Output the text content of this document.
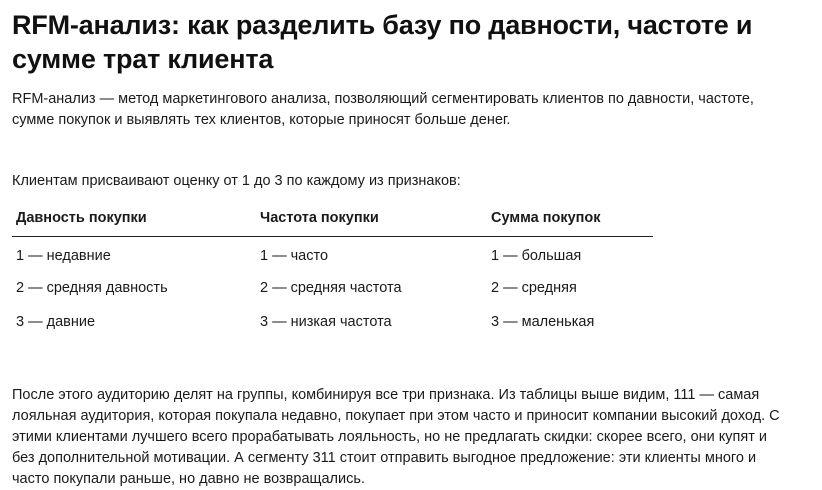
RFM-анализ: как разделить базу по давности, частоте и сумме трат клиента

RFM-анализ — метод маркетингового анализа, позволяющий сегментировать клиентов по давности, частоте, сумме покупок и выявлять тех клиентов, которые приносят больше денег.

Клиентам присваивают оценку от 1 до 3 по каждому из признаков:

Давность покупки	Частота покупки	Сумма покупок
1 — недавние	1 — часто	1 — большая
2 — средняя давность	2 — средняя частота	2 — средняя
3 — давние	3 — низкая частота	3 — маленькая

После этого аудиторию делят на группы, комбинируя все три признака. Из таблицы выше видим, 111 — самая лояльная аудитория, которая покупала недавно, покупает при этом часто и приносит компании высокий доход. С этими клиентами лучшего всего прорабатывать лояльность, но не предлагать скидки: скорее всего, они купят и без дополнительной мотивации. А сегменту 311 стоит отправить выгодное предложение: эти клиенты много и часто покупали раньше, но давно не возвращались.
